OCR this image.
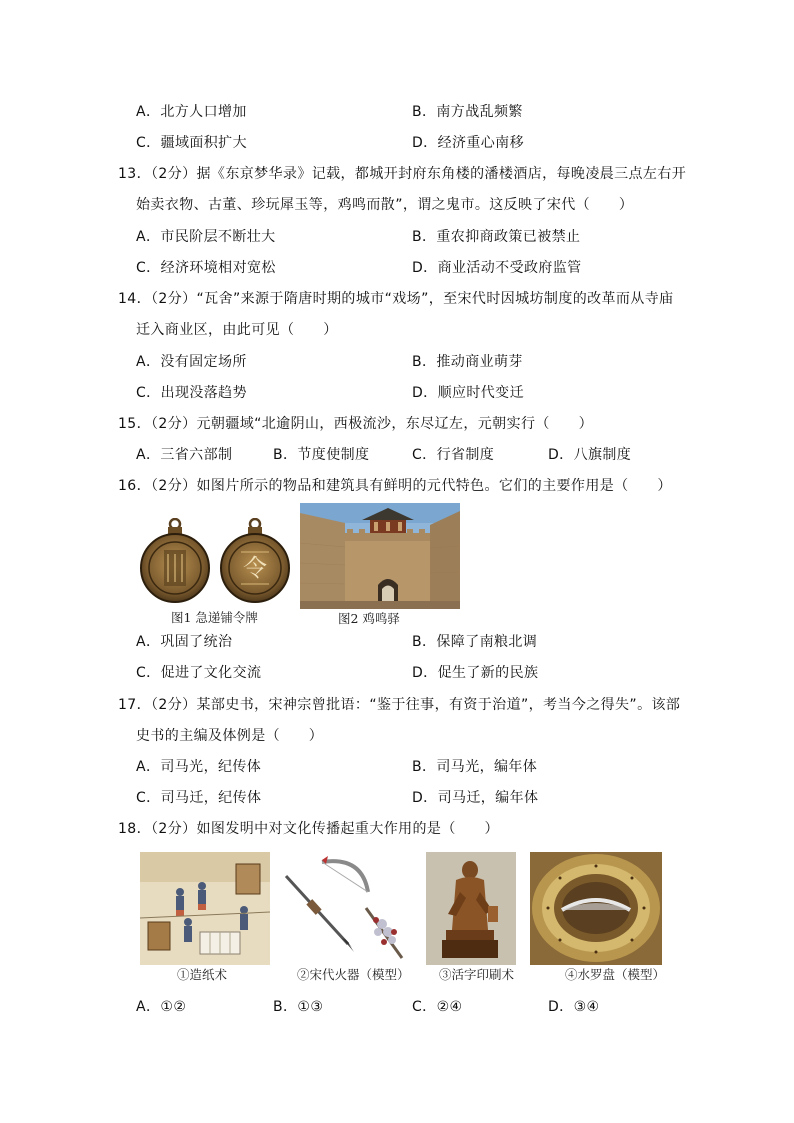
A．北方人口增加	B．南方战乱频繁
C．疆域面积扩大	D．经济重心南移
13．（2分）据《东京梦华录》记载，都城开封府东角楼的潘楼酒店，每晚凌晨三点左右开
始卖衣物、古董、珍玩犀玉等，鸡鸣而散”，谓之鬼市。这反映了宋代（　　）
A．市民阶层不断壮大	B．重农抑商政策已被禁止
C．经济环境相对宽松	D．商业活动不受政府监管
14．（2分）“瓦舍”来源于隋唐时期的城市“戏场”，至宋代时因城坊制度的改革而从寺庙
迁入商业区，由此可见（　　）
A．没有固定场所	B．推动商业萌芽
C．出现没落趋势	D．顺应时代变迁
15．（2分）元朝疆域“北逾阴山，西极流沙，东尽辽左，元朝实行（　　）
A．三省六部制	B．节度使制度	C．行省制度	D．八旗制度
16．（2分）如图片所示的物品和建筑具有鲜明的元代特色。它们的主要作用是（　　）
令
图1 急递铺令牌	图2 鸡鸣驿
A．巩固了统治	B．保障了南粮北调
C．促进了文化交流	D．促生了新的民族
17．（2分）某部史书，宋神宗曾批语：“鉴于往事，有资于治道”，考当今之得失”。该部
史书的主编及体例是（　　）
A．司马光，纪传体	B．司马光，编年体
C．司马迁，纪传体	D．司马迁，编年体
18．（2分）如图发明中对文化传播起重大作用的是（　　）
①造纸术	②宋代火器（模型） ③活字印刷术	④水罗盘（模型）
A．①②	B．①③	C．②④	D．③④
